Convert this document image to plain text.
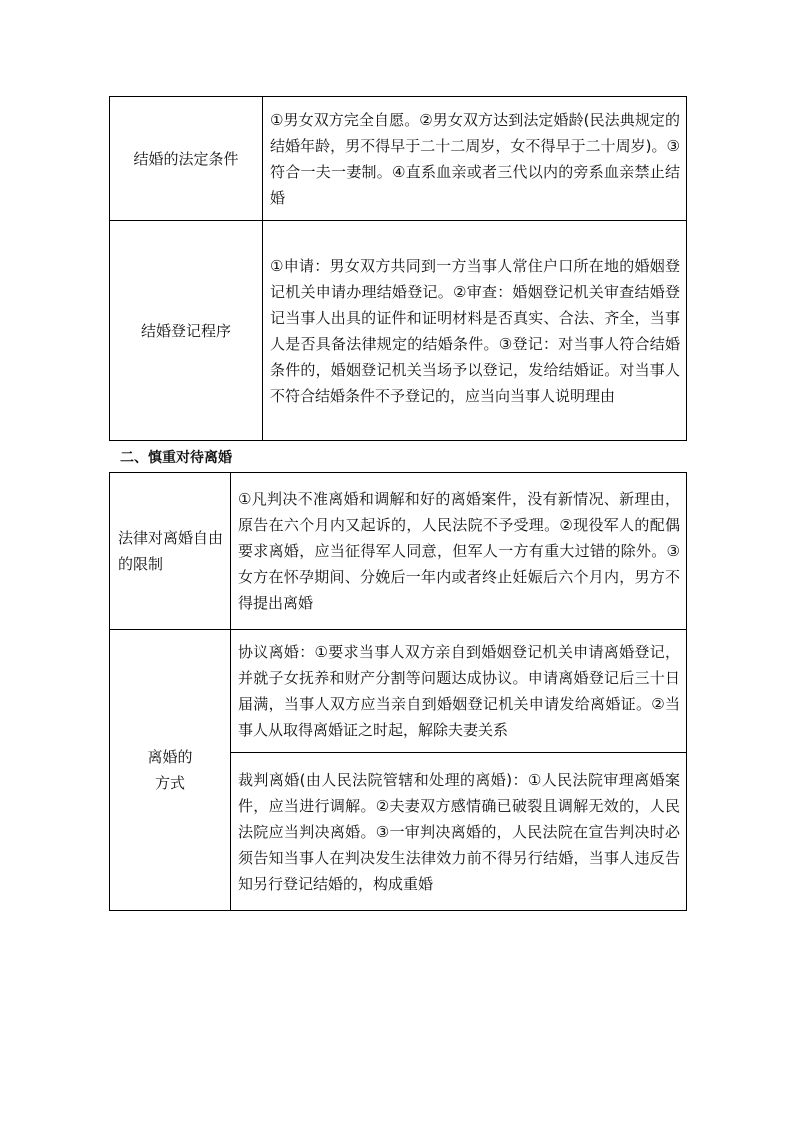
结婚的法定条件	①男女双方完全自愿。②男女双方达到法定婚龄(民法典规定的结婚年龄，男不得早于二十二周岁，女不得早于二十周岁)。③符合一夫一妻制。④直系血亲或者三代以内的旁系血亲禁止结婚
结婚登记程序	①申请：男女双方共同到一方当事人常住户口所在地的婚姻登记机关申请办理结婚登记。②审查：婚姻登记机关审查结婚登记当事人出具的证件和证明材料是否真实、合法、齐全，当事人是否具备法律规定的结婚条件。③登记：对当事人符合结婚条件的，婚姻登记机关当场予以登记，发给结婚证。对当事人不符合结婚条件不予登记的，应当向当事人说明理由

二、慎重对待离婚

法律对离婚自由的限制	①凡判决不准离婚和调解和好的离婚案件，没有新情况、新理由，原告在六个月内又起诉的，人民法院不予受理。②现役军人的配偶要求离婚，应当征得军人同意，但军人一方有重大过错的除外。③女方在怀孕期间、分娩后一年内或者终止妊娠后六个月内，男方不得提出离婚

离婚的
方式	协议离婚：①要求当事人双方亲自到婚姻登记机关申请离婚登记，并就子女抚养和财产分割等问题达成协议。申请离婚登记后三十日届满，当事人双方应当亲自到婚姻登记机关申请发给离婚证。②当事人从取得离婚证之时起，解除夫妻关系
	裁判离婚(由人民法院管辖和处理的离婚)：①人民法院审理离婚案件，应当进行调解。②夫妻双方感情确已破裂且调解无效的，人民法院应当判决离婚。③一审判决离婚的，人民法院在宣告判决时必须告知当事人在判决发生法律效力前不得另行结婚，当事人违反告知另行登记结婚的，构成重婚
